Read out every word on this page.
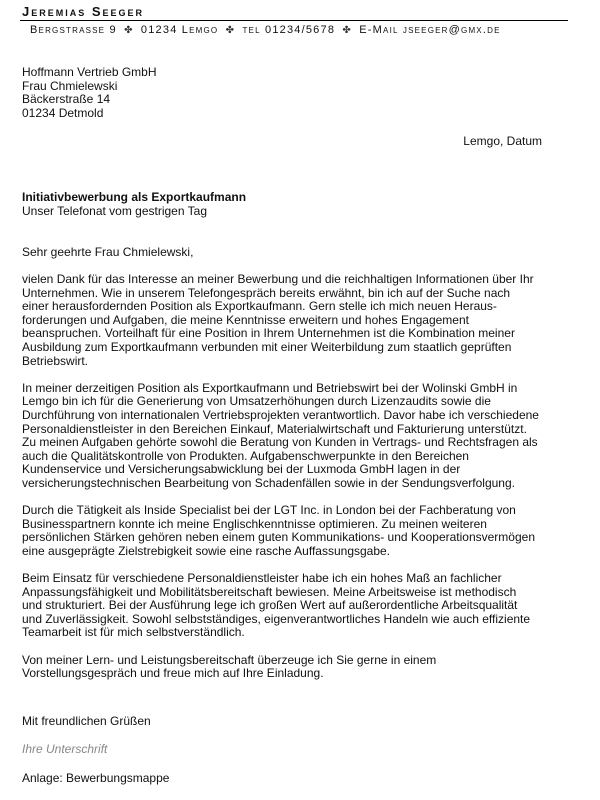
Jeremias Seeger
Bergstrasse 9 ✤ 01234 Lemgo ✤ tel 01234/5678 ✤ E-Mail jseeger@gmx.de
Hoffmann Vertrieb GmbH
Frau Chmielewski
Bäckerstraße 14
01234 Detmold
Lemgo, Datum
Initiativbewerbung als Exportkaufmann
Unser Telefonat vom gestrigen Tag
Sehr geehrte Frau Chmielewski,

vielen Dank für das Interesse an meiner Bewerbung und die reichhaltigen Informationen über Ihr
Unternehmen. Wie in unserem Telefongespräch bereits erwähnt, bin ich auf der Suche nach
einer herausfordernden Position als Exportkaufmann. Gern stelle ich mich neuen Heraus-
forderungen und Aufgaben, die meine Kenntnisse erweitern und hohes Engagement
beanspruchen. Vorteilhaft für eine Position in Ihrem Unternehmen ist die Kombination meiner
Ausbildung zum Exportkaufmann verbunden mit einer Weiterbildung zum staatlich geprüften
Betriebswirt.

In meiner derzeitigen Position als Exportkaufmann und Betriebswirt bei der Wolinski GmbH in
Lemgo bin ich für die Generierung von Umsatzerhöhungen durch Lizenzaudits sowie die
Durchführung von internationalen Vertriebsprojekten verantwortlich. Davor habe ich verschiedene
Personaldienstleister in den Bereichen Einkauf, Materialwirtschaft und Fakturierung unterstützt.
Zu meinen Aufgaben gehörte sowohl die Beratung von Kunden in Vertrags- und Rechtsfragen als
auch die Qualitätskontrolle von Produkten. Aufgabenschwerpunkte in den Bereichen
Kundenservice und Versicherungsabwicklung bei der Luxmoda GmbH lagen in der
versicherungstechnischen Bearbeitung von Schadenfällen sowie in der Sendungsverfolgung.

Durch die Tätigkeit als Inside Specialist bei der LGT Inc. in London bei der Fachberatung von
Businesspartnern konnte ich meine Englischkenntnisse optimieren. Zu meinen weiteren
persönlichen Stärken gehören neben einem guten Kommunikations- und Kooperationsvermögen
eine ausgeprägte Zielstrebigkeit sowie eine rasche Auffassungsgabe.

Beim Einsatz für verschiedene Personaldienstleister habe ich ein hohes Maß an fachlicher
Anpassungsfähigkeit und Mobilitätsbereitschaft bewiesen. Meine Arbeitsweise ist methodisch
und strukturiert. Bei der Ausführung lege ich großen Wert auf außerordentliche Arbeitsqualität
und Zuverlässigkeit. Sowohl selbstständiges, eigenverantwortliches Handeln wie auch effiziente
Teamarbeit ist für mich selbstverständlich.

Von meiner Lern- und Leistungsbereitschaft überzeuge ich Sie gerne in einem
Vorstellungsgespräch und freue mich auf Ihre Einladung.

Mit freundlichen Grüßen
Ihre Unterschrift
Anlage: Bewerbungsmappe
